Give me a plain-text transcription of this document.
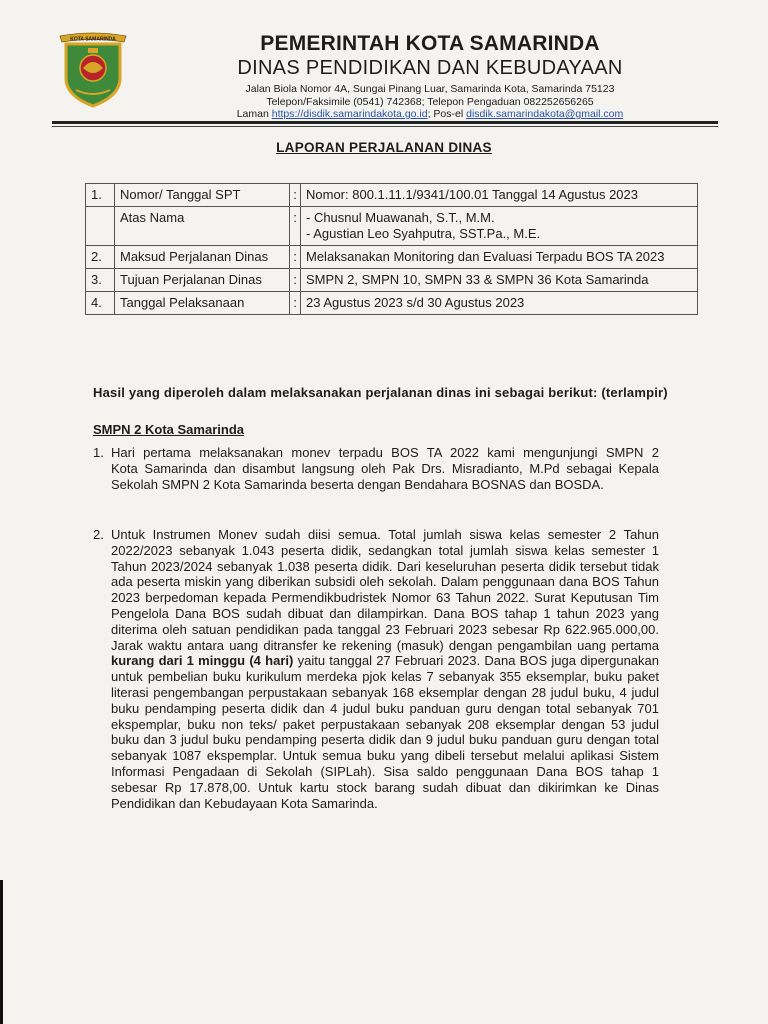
KOTA SAMARINDA	PEMERINTAH KOTA SAMARINDA
DINAS PENDIDIKAN DAN KEBUDAYAAN
Jalan Biola Nomor 4A, Sungai Pinang Luar, Samarinda Kota, Samarinda 75123
Telepon/Faksimile (0541) 742368; Telepon Pengaduan 082252656265
Laman https://disdik.samarindakota.go.id; Pos-el disdik.samarindakota@gmail.com
LAPORAN PERJALANAN DINAS
1.	Nomor/ Tanggal SPT	:	Nomor: 800.1.11.1/9341/100.01 Tanggal 14 Agustus 2023
	Atas Nama	:	- Chusnul Muawanah, S.T., M.M.
- Agustian Leo Syahputra, SST.Pa., M.E.

2.	Maksud Perjalanan Dinas	:	Melaksanakan Monitoring dan Evaluasi Terpadu BOS TA 2023
3.	Tujuan Perjalanan Dinas	:	SMPN 2, SMPN 10, SMPN 33 & SMPN 36 Kota Samarinda
4.	Tanggal Pelaksanaan	:	23 Agustus 2023 s/d 30 Agustus 2023
Hasil yang diperoleh dalam melaksanakan perjalanan dinas ini sebagai berikut: (terlampir)
SMPN 2 Kota Samarinda
1. Hari pertama melaksanakan monev terpadu BOS TA 2022 kami mengunjungi SMPN 2                       Kota Samarinda dan disambut langsung oleh Pak Drs. Misradianto, M.Pd sebagai Kepala Sekolah SMPN 2 Kota Samarinda beserta dengan Bendahara BOSNAS dan BOSDA.
2. Untuk Instrumen Monev sudah diisi semua. Total jumlah siswa kelas semester 2 Tahun 2022/2023 sebanyak 1.043 peserta didik, sedangkan total jumlah siswa kelas semester 1 Tahun 2023/2024 sebanyak 1.038 peserta didik. Dari keseluruhan peserta didik tersebut tidak ada peserta miskin yang diberikan subsidi oleh sekolah. Dalam penggunaan dana BOS Tahun 2023 berpedoman kepada Permendikbudristek Nomor 63 Tahun 2022. Surat Keputusan Tim Pengelola Dana BOS sudah dibuat dan dilampirkan. Dana BOS tahap 1 tahun 2023 yang diterima oleh satuan pendidikan pada tanggal 23 Februari 2023 sebesar Rp 622.965.000,00. Jarak waktu antara uang ditransfer ke rekening (masuk) dengan pengambilan uang pertama kurang dari 1 minggu (4 hari) yaitu tanggal 27 Februari 2023. Dana BOS juga dipergunakan untuk pembelian buku kurikulum merdeka pjok kelas 7 sebanyak 355 eksemplar, buku paket literasi pengembangan perpustakaan sebanyak 168 eksemplar dengan 28 judul buku, 4 judul buku pendamping peserta didik dan 4 judul buku panduan guru dengan total sebanyak 701 ekspemplar, buku non teks/ paket perpustakaan sebanyak 208 eksemplar dengan 53 judul buku dan 3 judul buku pendamping peserta didik dan 9 judul buku panduan guru dengan total sebanyak 1087 ekspemplar. Untuk semua buku yang dibeli tersebut melalui aplikasi Sistem Informasi Pengadaan di Sekolah (SIPLah). Sisa saldo penggunaan Dana BOS tahap 1 sebesar Rp 17.878,00. Untuk kartu stock barang sudah dibuat dan dikirimkan ke Dinas Pendidikan dan Kebudayaan Kota Samarinda.
